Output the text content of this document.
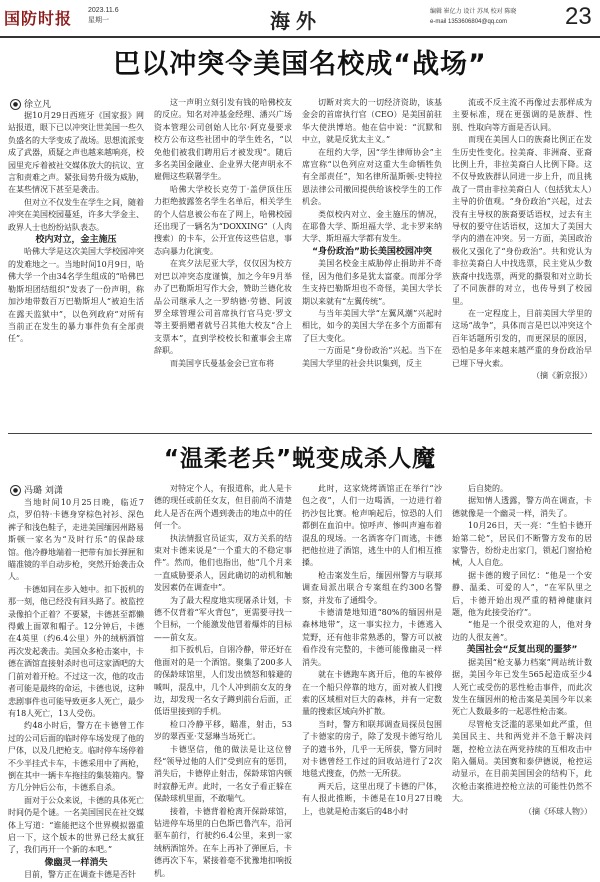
国防时报 2023.11.6
星期一	海外	编辑 崔亿力 设计 苏凤 校对 陈晓
e-mail 1353606804@qq.com	23
巴以冲突令美国名校成“战场”
● 徐立凡

据10月29日西班牙《国家报》网站报道，眼下已以冲突让世美国一些久负盛名的大学变成了战场。思想流派变成了武器，质疑之声也越来越响亮，校园里充斥着被社交媒体放大的抗议、宣言和责难之声。紧张局势升级为威胁，在某些情况下甚至是袭击。

但对立不仅发生在学生之间，随着冲突在美国校园蔓延，许多大学金主、政界人士也纷纷站队表态。

校内对立，金主施压

哈佛大学是这次美国大学校园冲突的发难地之一。当地时间10月9日，哈佛大学一个由34名学生组成的“哈佛巴勒斯坦团结组织”发表了一份声明，称加沙地带数百万巴勒斯坦人“被迫生活在露天监狱中”，以色列政府“对所有当前正在发生的暴力事件负有全部责任”。

这一声明立刻引发有钱的哈佛校友的反应。知名对冲基金经理、潘兴广场资本管理公司创始人比尔·阿克曼要求校方公布这些社团中的学生姓名，“以免他们被我们聘用后才被发现”。随后多名美国金融业、企业界大佬声明永不雇佣这些联署学生。

哈佛大学校长克劳丁·盖伊顶住压力拒绝披露签名学生名单后，相关学生的个人信息被公布在了网上，哈佛校园还出现了一辆名为“DOXXING”（人肉搜索）的卡车，公开宣传这些信息，事态向暴力化演变。

在宾夕法尼亚大学，仅仅因为校方对巴以冲突态度谨慎，加之今年9月举办了巴勒斯坦写作大会，赞助兰德化妆品公司继承人之一罗纳德·劳德、阿波罗全球管理公司首席执行官马克·罗文等主要捐赠者就号召其他大校友“合上支票本”，直到学校校长和董事会主席辞职。

而美国亨氏曼基金会已宣布将

切断对宾大的一切经济资助，该基金会的首席执行官（CEO）是美国前驻华大使洪博培。他在信中说：“沉默和中立，就是反犹太主义。”

在纽约大学，因“学生律师协会”主席宣称“以色列应对这重大生命牺牲负有全部责任”，知名律所温斯顿-史特拉恩法律公司撤回提供给该校学生的工作机会。

类似校内对立、金主施压的情况，在耶鲁大学、斯坦福大学、北卡罗来纳大学、斯坦福大学都有发生。

“身份政治”助长美国校园冲突

美国名校金主威胁停止捐助并不奇怪，因为他们多是犹太富豪。而部分学生支持巴勒斯坦也不奇怪，美国大学长期以来就有“左翼传统”。

与当年美国大学“左翼风潮”兴起时相比，如今的美国大学在多个方面都有了巨大变化。

一方面是“身份政治”兴起。当下在美国大学里的社会共识集到，反主

流或不反主流不再像过去那样成为主要标准，现在更强调的是族群、性别、性取向等方面是否认同。

而现在美国人口的族裔比例正在发生历史性变化。拉美裔、非洲裔、亚裔比例上升，非拉美裔白人比例下降。这不仅导致族群认同进一步上升，而且挑战了一贯由非拉美裔白人（包括犹太人）主导的价值观。“身份政治”兴起，过去没有主导权的族裔要话语权，过去有主导权的要守住话语权，这加大了美国大学内的潜在冲突。另一方面，美国政治极化又强化了“身份政治”。共和党认为非拉美裔白人中找选票，民主党从少数族裔中找选票，两党的撕裂和对立助长了不同族群的对立，也传导到了校园里。

在一定程度上，目前美国大学里的这场“战争”，具体而言是巴以冲突这个百年话题所引发的，而更深层的原因，恐怕是多年来越来越严重的身份政治早已埋下导火索。

（摘《新京报》）

“温柔老兵”蜕变成杀人魔
● 冯璐 刘潇

当地时间10月25日晚，临近7点，罗伯特·卡德身穿棕色衬衫、深色裤子和浅色鞋子，走进美国缅因州路易斯顿一家名为“及时行乐”的保龄球馆。他冷静地端着一把带有加长弹匣和瞄准镜的半自动步枪，突然开始袭击众人。

卡德如同在步入她中。扣下扳机的那一刻，他已经没有回头路了。被监控录像拍个正着？不要紧，卡德甚至都懒得戴上面罩和帽子。12分钟后，卡德在4英里（约6.4公里）外的绒柄酒馆再次发起袭击。美国众多枪击案中，卡德在酒馆直接射杀时也可这家酒吧的大门前对着开枪。不过这一次，他的攻击者可能是最终的命运，卡德也说，这种悲剧事件也可能导致更多人死亡，最少有18人死亡，13人受伤。

约48小时后，警方在卡德曾工作过的公司后面的临时停车场发现了他的尸体，以及几把枪支。临时停车场停着不少半挂式卡车，卡德采用中了两枪，倒在其中一辆卡车拖挂的集装箱内。警方几分钟后公布，卡德系自杀。

面对于公众来说，卡德的具体死亡时间仍是个谜。一名美国国民在社交媒体上写道：“谁能把这个世界模拟器重启一下，这个版本的世界已经太疯狂了，我们再开一个新的本吧。”

像幽灵一样消失

目前，警方正在调查卡德是否针

对特定个人，有报道称，此人是卡德的现任或前任女友，但目前尚不清楚此人是否在两个遇到袭击的地点中的任何一个。

执法情报官员证实，双方关系的结束对卡德来说是“一个重大的不稳定事件”。然而，他们也指出，他“几个月来一直威胁要杀人，因此确切的动机和触发因素仍在调查中”。

为了最大程度地实现屠杀计划，卡德不仅背着“军火背包”，更需要寻找一个目标，一个能激发他冒着爆炸的目标——前女友。

扣下扳机后，自诩冷静，带还好在他面对的是一个酒馆。聚集了200多人的保龄球馆里，人们发出愤怒和躲避的喊叫，混乱中，几个人冲到前女友的身边，却发现一名女子蹲到前台后面，正低语里接到的手机。

检口冷静平移，瞄准，射击，53岁的翠西亚·艾瑟琳当场死亡。

卡德坚信，他的做法是让这位曾经“领导过他的人们”受到应有的惩罚，消失后，卡德停止射击，保龄球馆内顿时寂静无声。此时，一名女子看正躲在保龄球机里面，不敢喘气。

接着，卡德背着枪离开保龄球馆，钻进停车场里的白色斯巴鲁汽车，沿河驱车前行，行驶约6.4公里，来到一家绒柄酒馆外。在车上再补了弹匣后，卡德再次下车，紧接着毫不犹豫地扣响扳机。

此时，这家烧烤酒馆正在举行“沙包之夜”，人们一边喝酒，一边进行着扔沙包比赛。枪声响起后，惊恐的人们都倒在血泊中。惊呼声、惨叫声遍布着混乱的现场。一名酒客夺门而逃，卡德把他拉进了酒馆，逃生中的人们相互推搡。

枪击案发生后，缅因州警方与联邦调查局派出联合专案组在约300名警察，并发布了通缉令。

卡德清楚地知道“80%的缅因州是森林地带”，这一事实拉力，卡德逃入荒野，还有他非常熟悉的，警方可以被看作没有完整的，卡德可能像幽灵一样消失。

就在卡德跑车离开后，他的车被停在一个船只停靠的地方，面对被人们搜索的区域相对巨大的森林，并有一定数量的搜索区域向外扩散。

当时，警方和联邦调查局探员包围了卡德家的房子，除了发现卡德写给儿子的遗书外，几乎一无所获，警方同时对卡德曾经工作过的回收站进行了2次地毯式搜查，仍然一无所获。

两天后，这里出现了卡德的尸体，有人报此推断，卡德是在10月27日晚上，也就是枪击案后的48小时

后自毙的。

据知情人透露，警方尚在调查，卡德就像是一个幽灵一样，消失了。

10月26日，天一亮：“生怕卡德开始第二轮”，居民们不断警方发布的居家警告，纷纷走出家门，锁起门窗拾枪械，人人自危。

据卡德的嫂子回忆：“他是一个安静、温柔、可爱的人”，“在军队里之后，卡德开始出现严重的精神健康问题，他为此接受治疗”。

“他是一个很受欢迎的人，他对身边的人很友善”。

美国社会“反复出现的噩梦”

据美国“枪支暴力档案”网站统计数据，美国今年已发生565起造成至少4人死亡或受伤的恶性枪击事件，而此次发生在缅因州的枪击案是美国今年以来死亡人数最多的一起恶性枪击案。

尽管枪支泛滥的恶果如此严重，但美国民主、共和两党并不急于解决问题，控枪立法在两党持续的互相攻击中陷入僵局。美国赛和泰伊德说，枪控运动显示，在目前美国国会的结构下，此次枪击案推进控枪立法的可能性仍然不大。

（摘《环球人物》）
